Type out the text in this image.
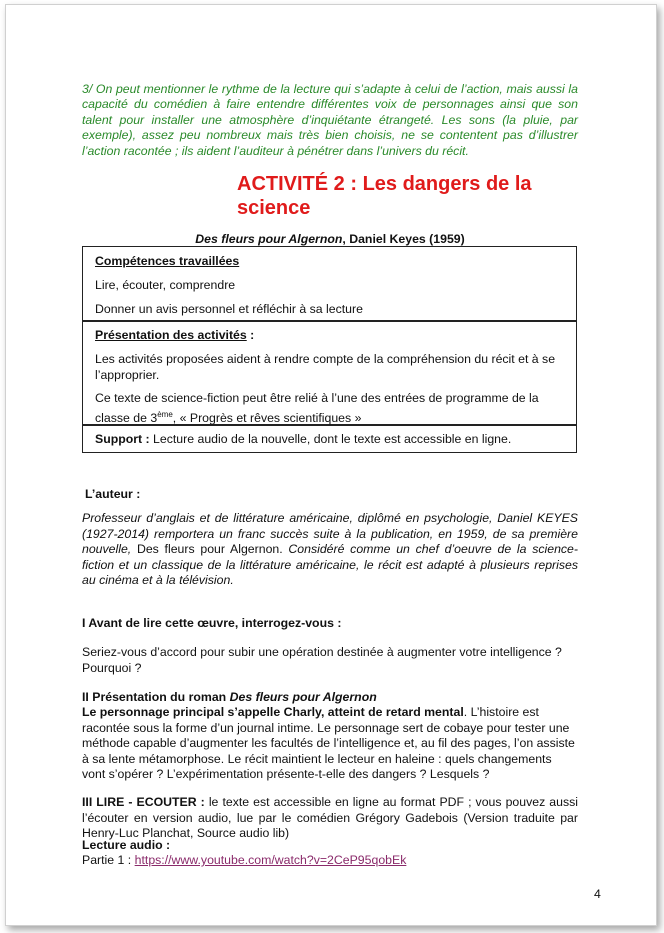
3/ On peut mentionner le rythme de la lecture qui s’adapte à celui de l’action, mais aussi la capacité du comédien à faire entendre différentes voix de personnages ainsi que son talent pour installer une atmosphère d’inquiétante étrangeté. Les sons (la pluie, par exemple), assez peu nombreux mais très bien choisis, ne se contentent pas d’illustrer l’action racontée ; ils aident l’auditeur à pénétrer dans l’univers du récit.
ACTIVITÉ 2 : Les dangers de la
science
Des fleurs pour Algernon, Daniel Keyes (1959)
Compétences travaillées
Lire, écouter, comprendre
Donner un avis personnel et réfléchir à sa lecture
Présentation des activités :
Les activités proposées aident à rendre compte de la compréhension du récit et à se l’approprier.
Ce texte de science-fiction peut être relié à l’une des entrées de programme de la classe de 3ème, « Progrès et rêves scientifiques »
Support : Lecture audio de la nouvelle, dont le texte est accessible en ligne.
L’auteur :
Professeur d’anglais et de littérature américaine, diplômé en psychologie, Daniel KEYES (1927-2014) remportera un franc succès suite à la publication, en 1959, de sa première nouvelle, Des fleurs pour Algernon. Considéré comme un chef d’oeuvre de la science-fiction et un classique de la littérature américaine, le récit est adapté à plusieurs reprises au cinéma et à la télévision.
I Avant de lire cette œuvre, interrogez-vous :
Seriez-vous d’accord pour subir une opération destinée à augmenter votre intelligence ? Pourquoi ?
II Présentation du roman Des fleurs pour Algernon
Le personnage principal s’appelle Charly, atteint de retard mental. L’histoire est racontée sous la forme d’un journal intime. Le personnage sert de cobaye pour tester une méthode capable d’augmenter les facultés de l’intelligence et, au fil des pages, l’on assiste à sa lente métamorphose. Le récit maintient le lecteur en haleine : quels changements vont s’opérer ? L’expérimentation présente-t-elle des dangers ? Lesquels ?
III LIRE - ECOUTER : le texte est accessible en ligne au format PDF ; vous pouvez aussi l’écouter en version audio, lue par le comédien Grégory Gadebois (Version traduite par Henry-Luc Planchat, Source audio lib)
Lecture audio :
Partie 1 : https://www.youtube.com/watch?v=2CeP95qobEk
4
